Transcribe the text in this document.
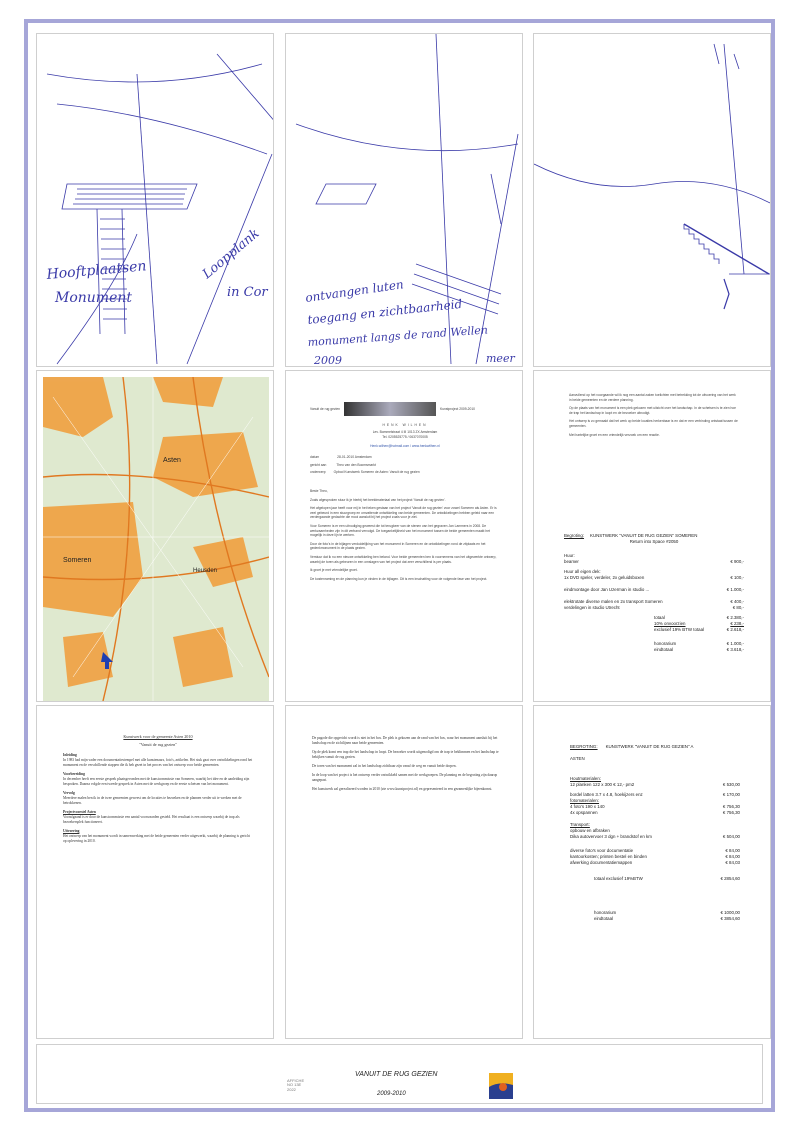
Hooftplaatsen
Monument
Loopplank
in Cor	ontvangen luten
toegang en zichtbaarheid
monument langs de rand Wellen
2009	meer
Asten
Someren
Heusden
Vanuit de rug gezien	Kunstproject 2009-2010
HENK WILHEN
Lev. Bommelstraat 4 III 1013 ZX Amsterdam
Tel. 0205525775 / 0637070005
Henk.wilhen@hotmail.com / www.henkwilhen.nl
datum	28-01-2010 Amsterdam
gericht aan	Theo van den Boomsmarkt
onderwerp Opbod Kunstwerk Someren de Asten: Vanuit de rug gezien

Beste Theo,

Zoals afgesproken stuur ik je hierbij het beeldmateriaal van het project 'Vanuit de rug gezien'.

Het afgelopen jaar heeft voor mij in het teken gestaan van het project 'Vanuit de rug gezien' voor zowel Someren als Asten. Er is veel gebeurd in een stuurgroep en omvattende ontwikkeling van beide gemeenten. De ontwikkelingen hebben geleid naar een verdergaande gedachte die mooi aansluit bij het project zoals voor je ziet.

Voor Someren is er een uitnodiging geweest die tot terugkeer van de stenen van het gegraven Jan Lammers in 2008. De werkzaamheden zijn in dit verband vervolgd. De toegankelijkheid van het monument tussen de beide gemeenten maakt het mogelijk in deze lijn te werken.

Door de foto's in de bijlagen verduidelijking van het monument in Someren en de ontwikkelingen rond de zitplaats en het gedenkmonument in de plaats gezien.

Verstuur dat ik nu een nieuwe ontwikkeling ben beland. Voor beide gemeenten ben ik voornemens van het uitgewerkte ontwerp, waarbij de toren als gebeuren in een omslagen van het project dat zeer verschillend is per plaats.

Ik groet je met vriendelijke groet.

De kostenraming en de planning kun je vinden in de bijlagen. Dit is een inschatting voor de volgende fase van het project.

Aanvullend op het voorgaande wil ik nog een aantal zaken toelichten met betrekking tot de uitvoering van het werk in beide gemeenten en de verdere planning.

Op de plaats van het monument is een plek gekozen met uitzicht over het landschap. In de schetsen is te zien hoe de trap het landschap in loopt en de bezoeker uitnodigt.

Het ontwerp is zo gemaakt dat het werk op beide locaties herkenbaar is en dat er een verbinding ontstaat tussen de gemeenten.

Met hartelijke groet en een vriendelijk verzoek om een reactie.

Begroting: KUNSTWERK "VANUIT DE RUG GEZIEN" SOMEREN
Return into Space #2050
Huur:
beamer	€ 900,-
Huur all eigen dek:
1x DVD speler, verdeler, 2x geluidsboxen	€ 100,-
eindmontage door Jan Uzerman in studio ...	€ 1.000,-
elektrotate diverse malen en 2x transport Someren	€ 400,-
verdelingen in studio Utrecht	€ 80,-
totaal	€ 2.380,-
10% onvoorzien	€ 238,-
exclusief 19% BTW totaal	€ 2.618,-
honorarium	€ 1.000,-
eindtotaal	€ 3.618,-
Kunstwerk voor de gemeente Asten 2010
"Vanuit de rug gezien"
Inleiding

In 1983 had mijn vader een documentatiestempel met alle kunstenaars, foto's, artikelen. Het stuk gaat over ontwikkelingen rond het monument en de verschillende stappen die ik heb gezet in het proces van het ontwerp voor beide gemeenten.

Voorbereiding

In december heeft een eerste gesprek plaatsgevonden met de kunstcommissie van Someren, waarbij het idee en de aanleiding zijn besproken. Daarna volgde een tweede gesprek in Asten met de werkgroep en de eerste schetsen van het monument.

Vervolg

Meerdere malen ben ik in de twee gemeenten geweest om de locaties te bezoeken en de plannen verder uit te werken met de betrokkenen.

Projectvoorstel Asten

Voorafgaand is er door de kunstcommissie een aantal voorwaarden gesteld. Het resultaat is een ontwerp waarbij de trap als bezoekersplek functioneert.

Uitvoering

Het ontwerp van het monument wordt in samenwerking met de beide gemeenten verder uitgewerkt, waarbij de planning is gericht op oplevering in 2010.

De pagode die opgericht wordt is niet in het bos. De plek is gekozen aan de rand van het bos, waar het monument aansluit bij het landschap en de zichtlijnen naar beide gemeenten.

Op de plek komt een trap die het landschap in loopt. De bezoeker wordt uitgenodigd om de trap te beklimmen en het landschap te bekijken vanuit de rug gezien.

De toren van het monument zal in het landschap zichtbaar zijn vanaf de weg en vanuit beide dorpen.

In de loop van het project is het ontwerp verder ontwikkeld samen met de werkgroepen. De planning en de begroting zijn daarop aangepast.

Het kunstwerk zal gerealiseerd worden in 2010 (zie www.kunstproject.nl) en gepresenteerd in een gezamenlijke bijeenkomst.

BEGROTING: KUNSTWERK "VANUIT DE RUG GEZIEN" A
ASTEN
Houtmaterialen:
12 planken 122 x 300 € 12,- pm2	€ 530,00
bordel latten 3.7 x 4.8, hoekijzers enz	€ 170,00
fotomaterialen:
4 foto's 190 x 140	€ 756,30
4x opspannen	€ 756,30
Transport:
opbouw en afbraken
Dika autovervoer 3 dgn + brandstof en km	€ 504,00
diverse foto's voor documentatie	€ 84,00
kantoorkosten; printen bestel en binden	€ 84,00
afwerking documentatiemappen	€ 84,03
totaal exclusief 19%BTW	€ 2854,60
honorarium	€ 1000,00
eindtotaal	€ 3854,60
AFFICHE
NO 13E
2022
VANUIT DE RUG GEZIEN
2009-2010
